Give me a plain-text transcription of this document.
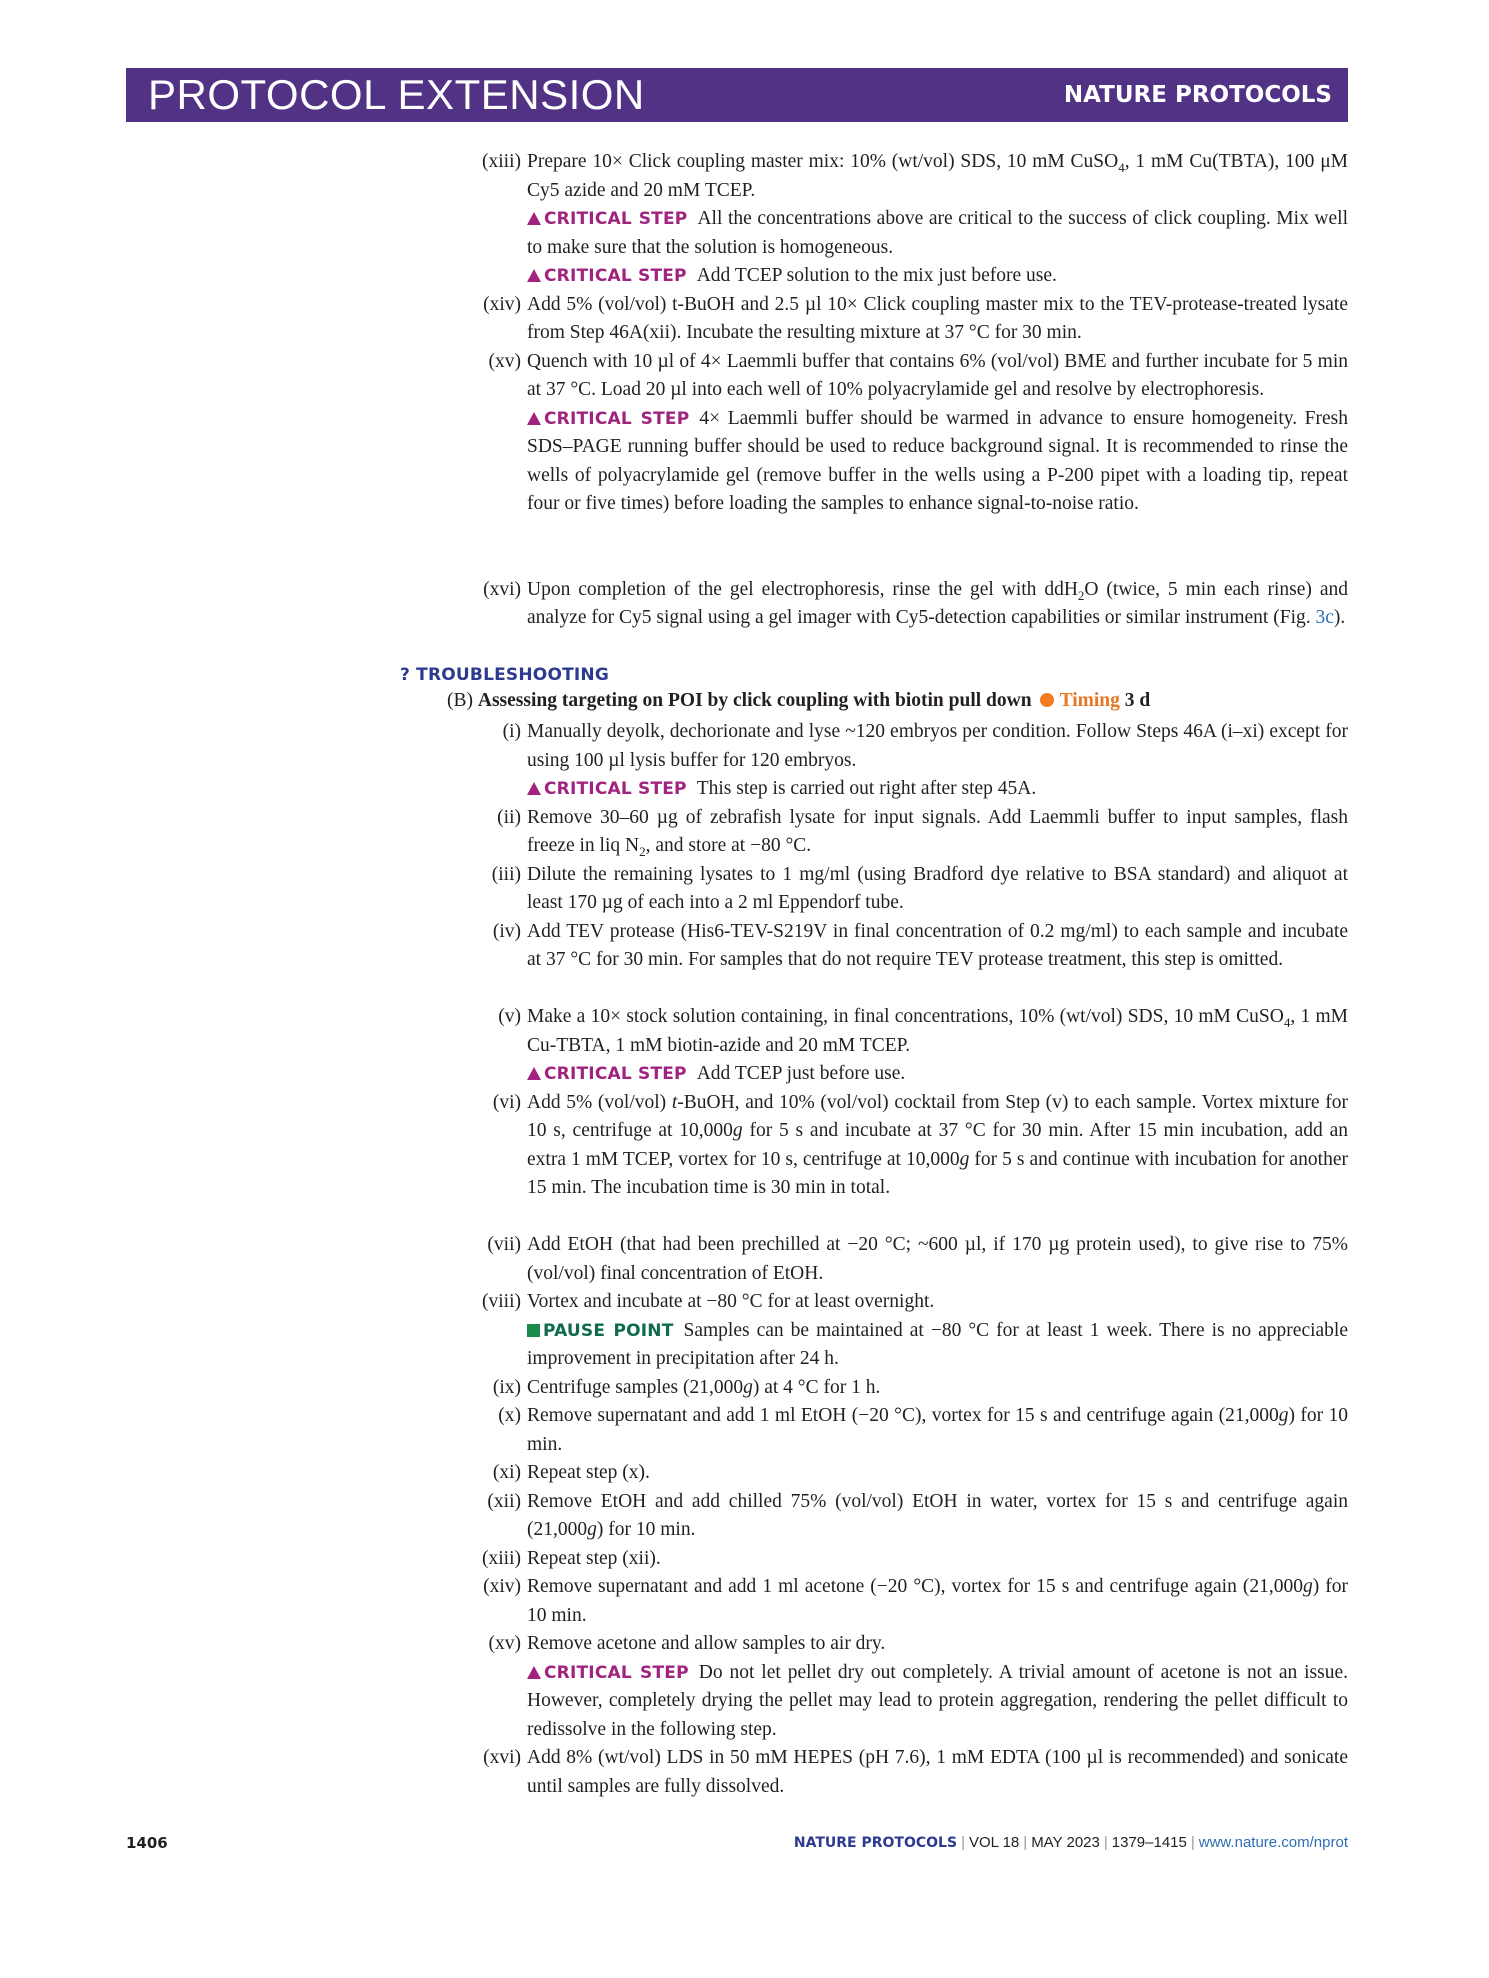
PROTOCOL EXTENSION	NATURE PROTOCOLS
(xiii) Prepare 10× Click coupling master mix: 10% (wt/vol) SDS, 10 mM CuSO$_4$, 1 mM Cu(TBTA), 100 μM Cy5 azide and 20 mM TCEP.
CRITICAL STEP All the concentrations above are critical to the success of click coupling. Mix well to make sure that the solution is homogeneous.
CRITICAL STEP Add TCEP solution to the mix just before use.
(xiv) Add 5% (vol/vol) t-BuOH and 2.5 µl 10× Click coupling master mix to the TEV-protease-treated lysate from Step 46A(xii). Incubate the resulting mixture at 37 °C for 30 min.
(xv) Quench with 10 µl of 4× Laemmli buffer that contains 6% (vol/vol) BME and further incubate for 5 min at 37 °C. Load 20 µl into each well of 10% polyacrylamide gel and resolve by electrophoresis.
CRITICAL STEP 4× Laemmli buffer should be warmed in advance to ensure homogeneity. Fresh SDS–PAGE running buffer should be used to reduce background signal. It is recommended to rinse the wells of polyacrylamide gel (remove buffer in the wells using a P-200 pipet with a loading tip, repeat four or five times) before loading the samples to enhance signal-to-noise ratio.
(xvi) Upon completion of the gel electrophoresis, rinse the gel with ddH$_2$O (twice, 5 min each rinse) and analyze for Cy5 signal using a gel imager with Cy5-detection capabilities or similar instrument (Fig. 3c).
? TROUBLESHOOTING
(B) Assessing targeting on POI by click coupling with biotin pull down Timing 3 d
(i) Manually deyolk, dechorionate and lyse ~120 embryos per condition. Follow Steps 46A (i–xi) except for using 100 µl lysis buffer for 120 embryos.
CRITICAL STEP This step is carried out right after step 45A.
(ii) Remove 30–60 µg of zebrafish lysate for input signals. Add Laemmli buffer to input samples, flash freeze in liq $N_2$, and store at −80 °C.
(iii) Dilute the remaining lysates to 1 mg/ml (using Bradford dye relative to BSA standard) and aliquot at least 170 µg of each into a 2 ml Eppendorf tube.
(iv) Add TEV protease (His6-TEV-S219V in final concentration of 0.2 mg/ml) to each sample and incubate at 37 °C for 30 min. For samples that do not require TEV protease treatment, this step is omitted.
(v) Make a 10× stock solution containing, in final concentrations, 10% (wt/vol) SDS, 10 mM CuSO$_4$, 1 mM Cu-TBTA, 1 mM biotin-azide and 20 mM TCEP.
CRITICAL STEP Add TCEP just before use.
(vi) Add 5% (vol/vol) t-BuOH, and 10% (vol/vol) cocktail from Step (v) to each sample. Vortex mixture for 10 s, centrifuge at 10,000g for 5 s and incubate at 37 °C for 30 min. After 15 min incubation, add an extra 1 mM TCEP, vortex for 10 s, centrifuge at 10,000g for 5 s and continue with incubation for another 15 min. The incubation time is 30 min in total.
(vii) Add EtOH (that had been prechilled at −20 °C; ~600 µl, if 170 µg protein used), to give rise to 75% (vol/vol) final concentration of EtOH.
(viii) Vortex and incubate at −80 °C for at least overnight.
PAUSE POINT Samples can be maintained at −80 °C for at least 1 week. There is no appreciable improvement in precipitation after 24 h.
(ix) Centrifuge samples (21,000g) at 4 °C for 1 h.
(x) Remove supernatant and add 1 ml EtOH (−20 °C), vortex for 15 s and centrifuge again (21,000g) for 10 min.
(xi) Repeat step (x).
(xii) Remove EtOH and add chilled 75% (vol/vol) EtOH in water, vortex for 15 s and centrifuge again (21,000g) for 10 min.
(xiii) Repeat step (xii).
(xiv) Remove supernatant and add 1 ml acetone (−20 °C), vortex for 15 s and centrifuge again (21,000g) for 10 min.
(xv) Remove acetone and allow samples to air dry.
CRITICAL STEP Do not let pellet dry out completely. A trivial amount of acetone is not an issue. However, completely drying the pellet may lead to protein aggregation, rendering the pellet difficult to redissolve in the following step.
(xvi) Add 8% (wt/vol) LDS in 50 mM HEPES (pH 7.6), 1 mM EDTA (100 µl is recommended) and sonicate until samples are fully dissolved.
1406	NATURE PROTOCOLS | VOL 18 | MAY 2023 | 1379–1415 | www.nature.com/nprot
